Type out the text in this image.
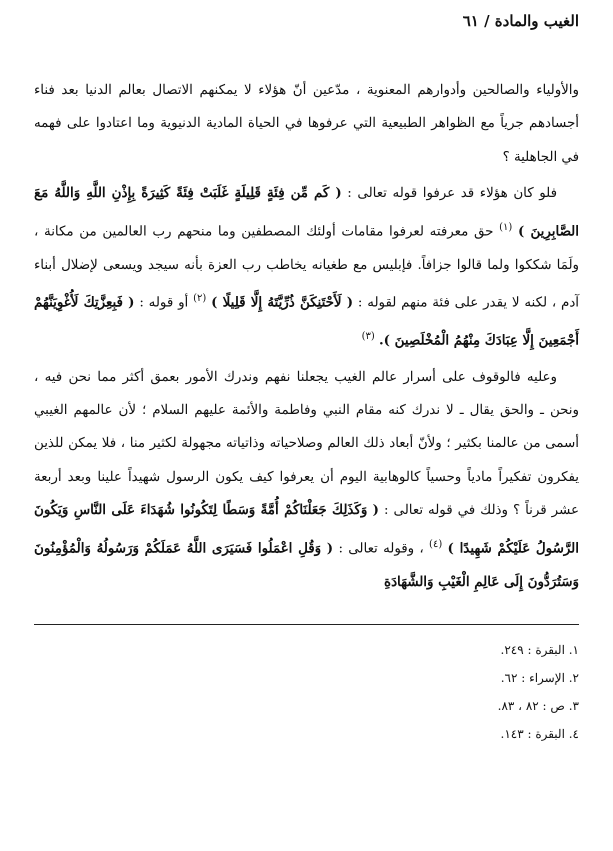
الغيب والمادة / ٦١

والأولياء والصالحين وأدوارهم المعنوية ، مدّعين أنّ هؤلاء لا يمكنهم الاتصال بعالم الدنيا بعد فناء أجسادهم جرياً مع الظواهر الطبيعية التي عرفوها في الحياة المادية الدنيوية وما اعتادوا على فهمه في الجاهلية ؟

فلو كان هؤلاء قد عرفوا قوله تعالى : ( كَم مِّن فِئَةٍ قَلِيلَةٍ غَلَبَتْ فِئَةً كَثِيرَةً بِإِذْنِ اللَّهِ وَاللَّهُ مَعَ الصَّابِرِينَ ) $^{(١)}$ حق معرفته لعرفوا مقامات أولئك المصطفين وما منحهم رب العالمين من مكانة ، ولَمَا شككوا ولما قالوا جزافاً. فإبليس مع طغيانه يخاطب رب العزة بأنه سيجد ويسعى لإضلال أبناء آدم ، لكنه لا يقدر على فئة منهم لقوله : ( لَأَحْتَنِكَنَّ ذُرِّيَّتَهُ إِلَّا قَلِيلًا ) $^{(٢)}$ أو قوله : ( فَبِعِزَّتِكَ لَأُغْوِيَنَّهُمْ أَجْمَعِينَ إِلَّا عِبَادَكَ مِنْهُمُ الْمُخْلَصِينَ ). $^{(٣)}$

وعليه فالوقوف على أسرار عالم الغيب يجعلنا نفهم وندرك الأمور بعمق أكثر مما نحن فيه ، ونحن ـ والحق يقال ـ لا ندرك كنه مقام النبي وفاطمة والأئمة عليهم السلام ؛ لأن عالمهم الغيبي أسمى من عالمنا بكثير ؛ ولأنّ أبعاد ذلك العالم وصلاحياته وذاتياته مجهولة لكثير منا ، فلا يمكن للذين يفكرون تفكيراً مادياً وحسياً كالوهابية اليوم أن يعرفوا كيف يكون الرسول شهيداً علينا وبعد أربعة عشر قرناً ؟ وذلك في قوله تعالى : ( وَكَذَلِكَ جَعَلْنَاكُمْ أُمَّةً وَسَطًا لِتَكُونُوا شُهَدَاءَ عَلَى النَّاسِ وَيَكُونَ الرَّسُولُ عَلَيْكُمْ شَهِيدًا ) $^{(٤)}$ ، وقوله تعالى : ( وَقُلِ اعْمَلُوا فَسَيَرَى اللَّهُ عَمَلَكُمْ وَرَسُولُهُ وَالْمُؤْمِنُونَ وَسَتُرَدُّونَ إِلَى عَالِمِ الْغَيْبِ وَالشَّهَادَةِ

١. البقرة : ٢٤٩.
٢. الإسراء : ٦٢.
٣. ص : ٨٢ ، ٨٣.
٤. البقرة : ١٤٣.
